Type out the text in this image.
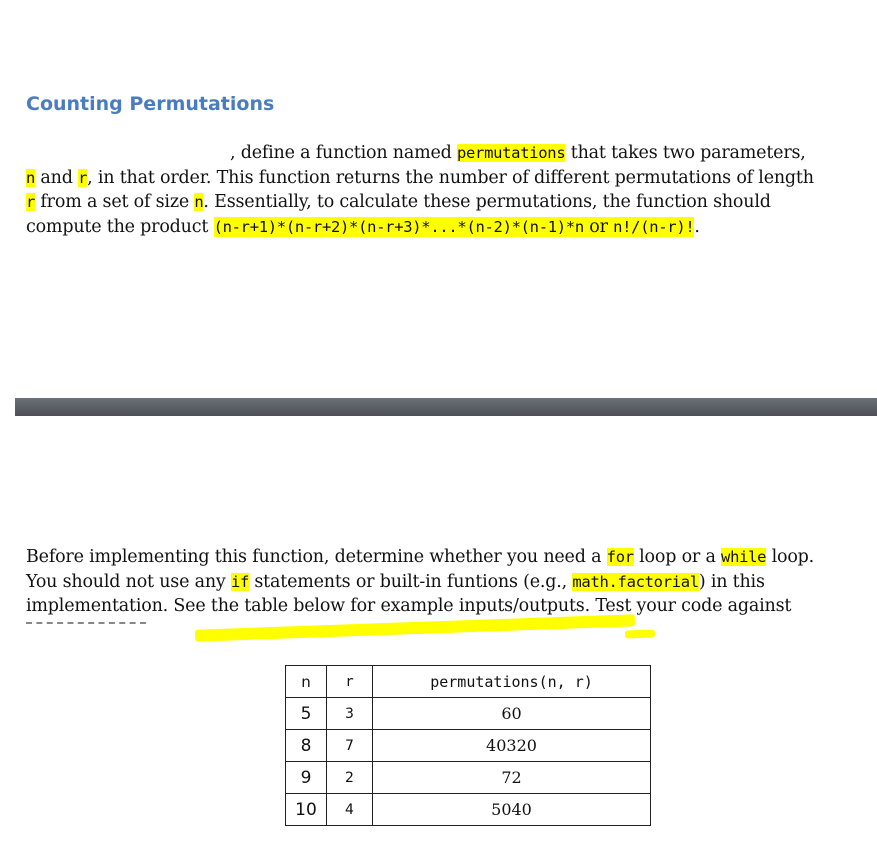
Counting Permutations

, define a function named permutations that takes two parameters,
n and r, in that order. This function returns the number of different permutations of length
r from a set of size n. Essentially, to calculate these permutations, the function should
compute the product (n-r+1)*(n-r+2)*(n-r+3)*...*(n-2)*(n-1)*n or n!/(n-r)!.

Before implementing this function, determine whether you need a for loop or a while loop.
You should not use any if statements or built-in funtions (e.g., math.factorial) in this
implementation. See the table below for example inputs/outputs. Test your code against

n	r	permutations(n, r)
5	3	60
8	7	40320
9	2	72
10	4	5040
